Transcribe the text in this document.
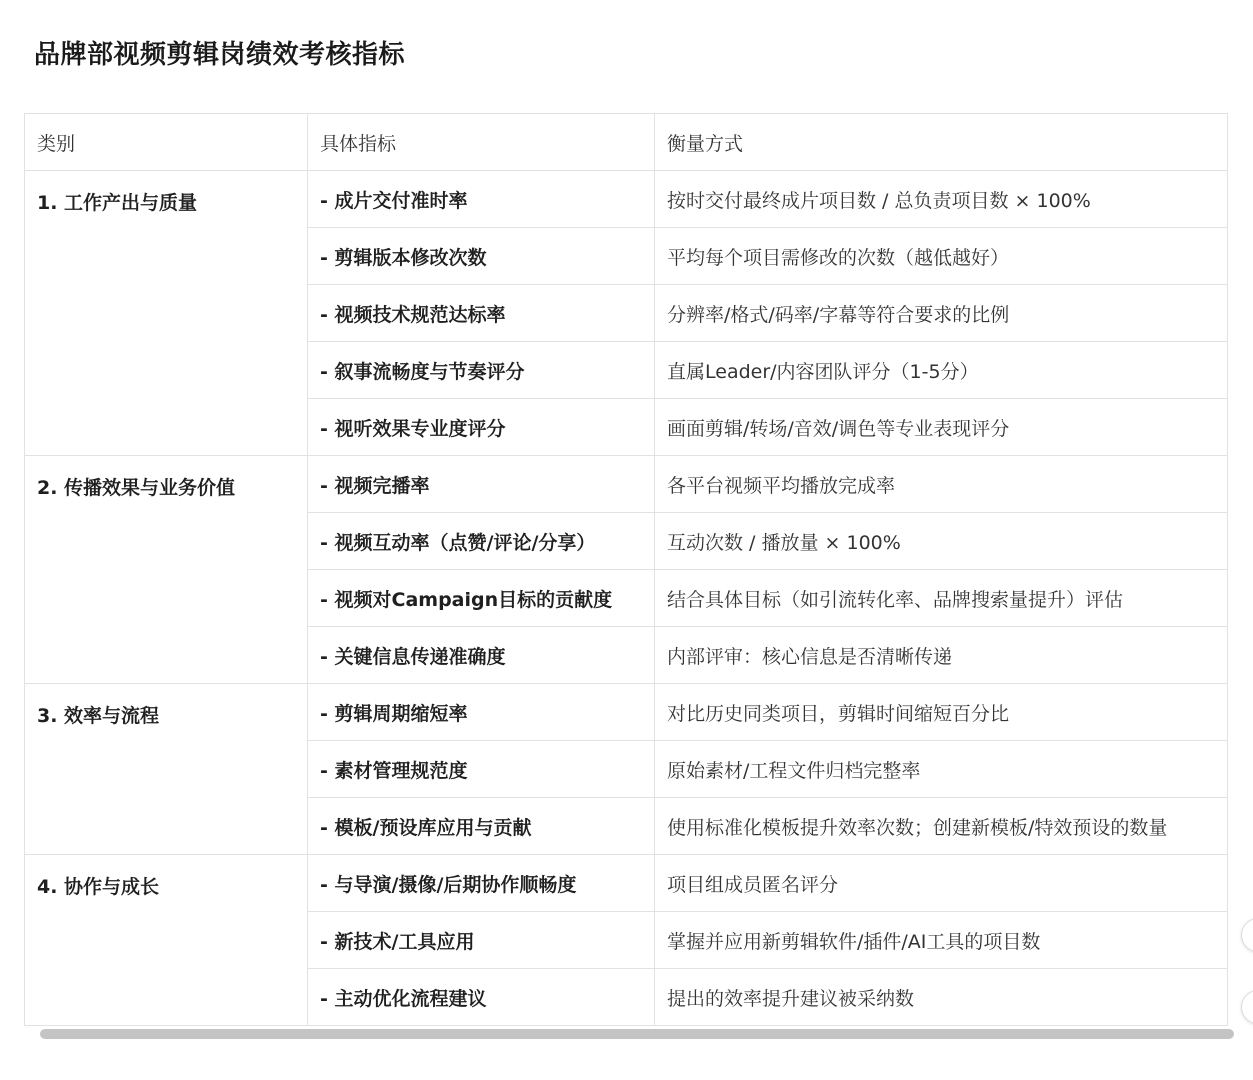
品牌部视频剪辑岗绩效考核指标
类别	具体指标	衡量方式
1. 工作产出与质量	- 成片交付准时率	按时交付最终成片项目数 / 总负责项目数 × 100%
	- 剪辑版本修改次数	平均每个项目需修改的次数（越低越好）
	- 视频技术规范达标率	分辨率/格式/码率/字幕等符合要求的比例
	- 叙事流畅度与节奏评分	直属Leader/内容团队评分（1-5分）
	- 视听效果专业度评分	画面剪辑/转场/音效/调色等专业表现评分
2. 传播效果与业务价值	- 视频完播率	各平台视频平均播放完成率
	- 视频互动率（点赞/评论/分享）	互动次数 / 播放量 × 100%
	- 视频对Campaign目标的贡献度	结合具体目标（如引流转化率、品牌搜索量提升）评估
	- 关键信息传递准确度	内部评审：核心信息是否清晰传递
3. 效率与流程	- 剪辑周期缩短率	对比历史同类项目，剪辑时间缩短百分比
	- 素材管理规范度	原始素材/工程文件归档完整率
	- 模板/预设库应用与贡献	使用标准化模板提升效率次数；创建新模板/特效预设的数量
4. 协作与成长	- 与导演/摄像/后期协作顺畅度	项目组成员匿名评分
	- 新技术/工具应用	掌握并应用新剪辑软件/插件/AI工具的项目数
	- 主动优化流程建议	提出的效率提升建议被采纳数
